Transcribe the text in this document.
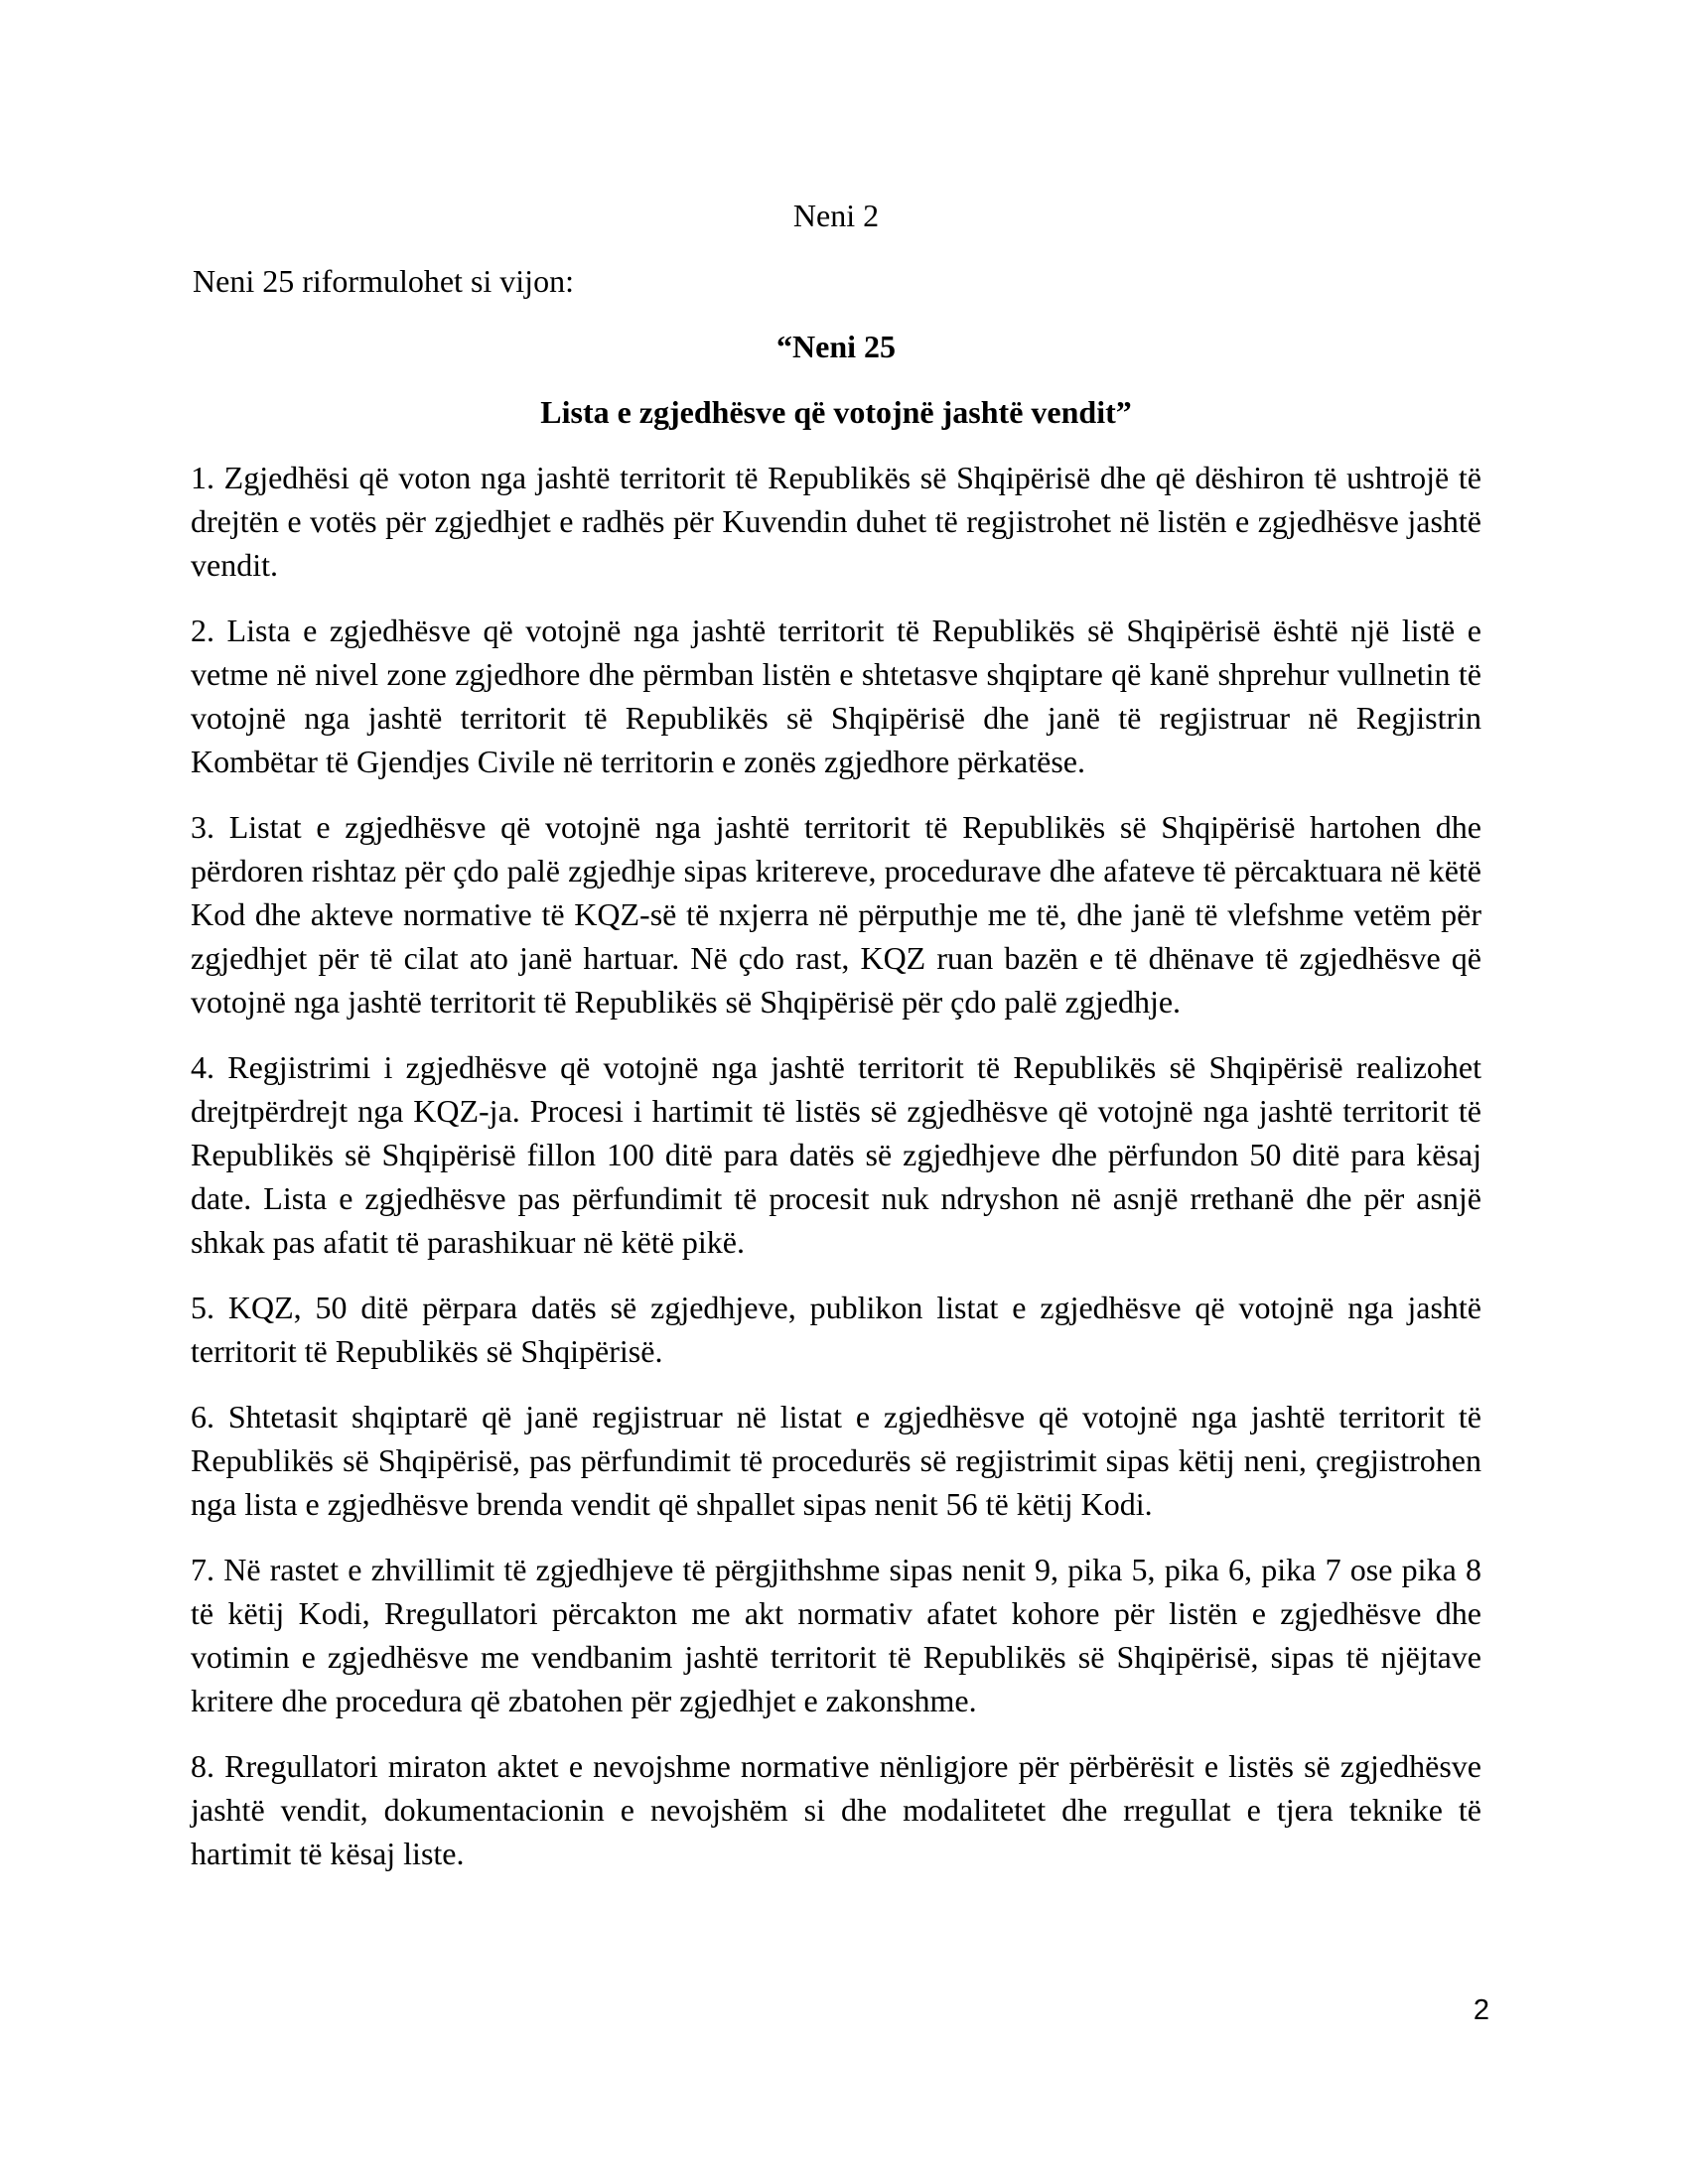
Neni 2
Neni 25 riformulohet si vijon:
“Neni 25
Lista e zgjedhësve që votojnë jashtë vendit”

1. Zgjedhësi që voton nga jashtë territorit të Republikës së Shqipërisë dhe që dëshiron të ushtrojë të drejtën e votës për zgjedhjet e radhës për Kuvendin duhet të regjistrohet në listën e zgjedhësve jashtë vendit.

2. Lista e zgjedhësve që votojnë nga jashtë territorit të Republikës së Shqipërisë është një listë e vetme në nivel zone zgjedhore dhe përmban listën e shtetasve shqiptare që kanë shprehur vullnetin të votojnë nga jashtë territorit të Republikës së Shqipërisë dhe janë të regjistruar në Regjistrin Kombëtar të Gjendjes Civile në territorin e zonës zgjedhore përkatëse.

3. Listat e zgjedhësve që votojnë nga jashtë territorit të Republikës së Shqipërisë hartohen dhe përdoren rishtaz për çdo palë zgjedhje sipas kritereve, procedurave dhe afateve të përcaktuara në këtë Kod dhe akteve normative të KQZ-së të nxjerra në përputhje me të, dhe janë të vlefshme vetëm për zgjedhjet për të cilat ato janë hartuar. Në çdo rast, KQZ ruan bazën e të dhënave të zgjedhësve që votojnë nga jashtë territorit të Republikës së Shqipërisë për çdo palë zgjedhje.

4. Regjistrimi i zgjedhësve që votojnë nga jashtë territorit të Republikës së Shqipërisë realizohet drejtpërdrejt nga KQZ-ja. Procesi i hartimit të listës së zgjedhësve që votojnë nga jashtë territorit të Republikës së Shqipërisë fillon 100 ditë para datës së zgjedhjeve dhe përfundon 50 ditë para kësaj date. Lista e zgjedhësve pas përfundimit të procesit nuk ndryshon në asnjë rrethanë dhe për asnjë shkak pas afatit të parashikuar në këtë pikë.

5. KQZ, 50 ditë përpara datës së zgjedhjeve, publikon listat e zgjedhësve që votojnë nga jashtë territorit të Republikës së Shqipërisë.

6. Shtetasit shqiptarë që janë regjistruar në listat e zgjedhësve që votojnë nga jashtë territorit të Republikës së Shqipërisë, pas përfundimit të procedurës së regjistrimit sipas këtij neni, çregjistrohen nga lista e zgjedhësve brenda vendit që shpallet sipas nenit 56 të këtij Kodi.

7. Në rastet e zhvillimit të zgjedhjeve të përgjithshme sipas nenit 9, pika 5, pika 6, pika 7 ose pika 8 të këtij Kodi, Rregullatori përcakton me akt normativ afatet kohore për listën e zgjedhësve dhe votimin e zgjedhësve me vendbanim jashtë territorit të Republikës së Shqipërisë, sipas të njëjtave kritere dhe procedura që zbatohen për zgjedhjet e zakonshme.

8. Rregullatori miraton aktet e nevojshme normative nënligjore për përbërësit e listës së zgjedhësve jashtë vendit, dokumentacionin e nevojshëm si dhe modalitetet dhe rregullat e tjera teknike të hartimit të kësaj liste.

2
